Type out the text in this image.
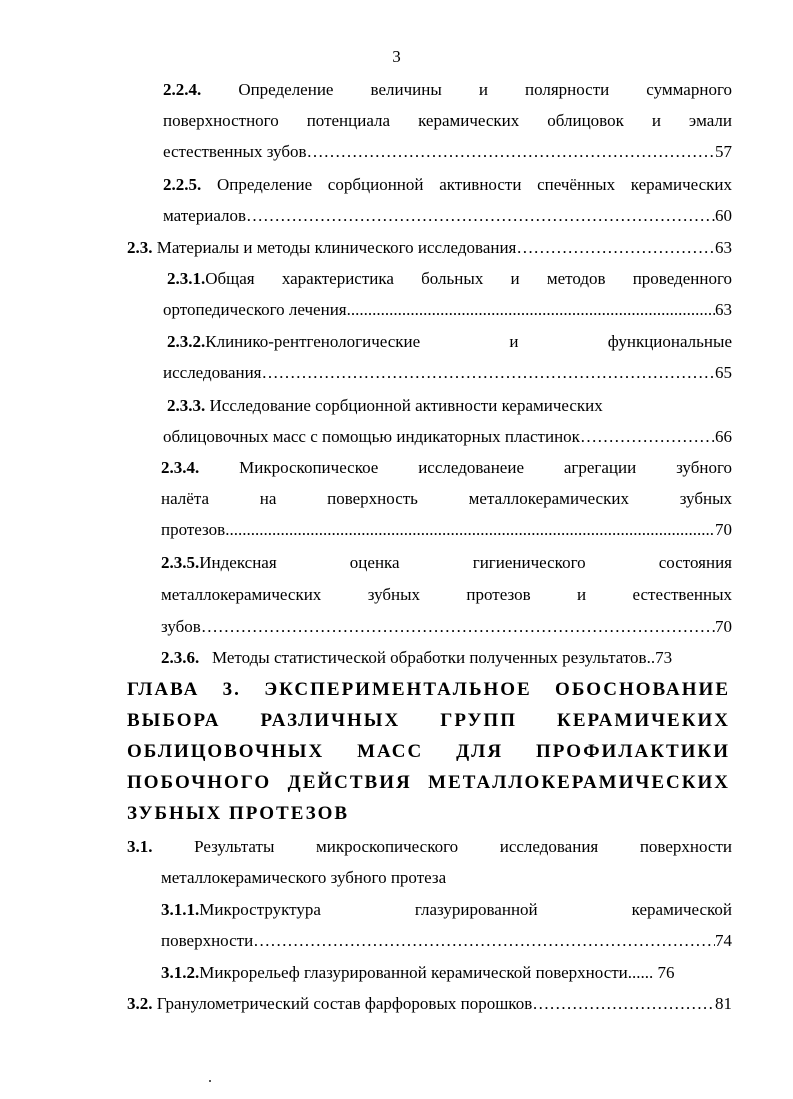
3
2.2.4. Определение величины и полярности суммарного
поверхностного потенциала керамических облицовок и эмали
естественных зубов ………………………………………………………………………………………………………………………………………………………………………	57
2.2.5. Определение сорбционной активности спечённых керамических
материалов ………………………………………………………………………………………………………………………………………………………………………	60
2.3. Материалы и методы клинического исследования ………………………………………………………………………………………………………………………………………………………………………	63
2.3.1.Общая характеристика больных и методов проведенного
ортопедического лечения .....	63
2.3.2.Клинико-рентгенологические и функциональные
исследования ………………………………………………………………………………………………………………………………………………………………………	65
2.3.3. Исследование сорбционной активности керамических
облицовочных масс с помощью индикаторных пластинок ………………………………………………………………………………………………………………………………………………………………………	66
2.3.4. Микроскопическое исследованеие агрегации зубного
налёта на поверхность металлокерамических зубных
протезов .....	70
2.3.5.Индексная оценка гигиенического состояния
металлокерамических зубных протезов и естественных
зубов ………………………………………………………………………………………………………………………………………………………………………	70
2.3.6. Методы статистической обработки полученных результатов..73
ГЛАВА 3. ЭКСПЕРИМЕНТАЛЬНОЕ ОБОСНОВАНИЕ
ВЫБОРА РАЗЛИЧНЫХ ГРУПП КЕРАМИЧЕКИХ
ОБЛИЦОВОЧНЫХ МАСС ДЛЯ ПРОФИЛАКТИКИ
ПОБОЧНОГО ДЕЙСТВИЯ МЕТАЛЛОКЕРАМИЧЕСКИХ
ЗУБНЫХ ПРОТЕЗОВ
3.1. Результаты микроскопического исследования поверхности
металлокерамического зубного протеза
3.1.1.Микроструктура глазурированной керамической
поверхности ………………………………………………………………………………………………………………………………………………………………………	74
3.1.2.Микрорельеф глазурированной керамической поверхности...... 76
3.2. Гранулометрический состав фарфоровых порошков ………………………………………………………………………………………………………………………………………………………………………	81
